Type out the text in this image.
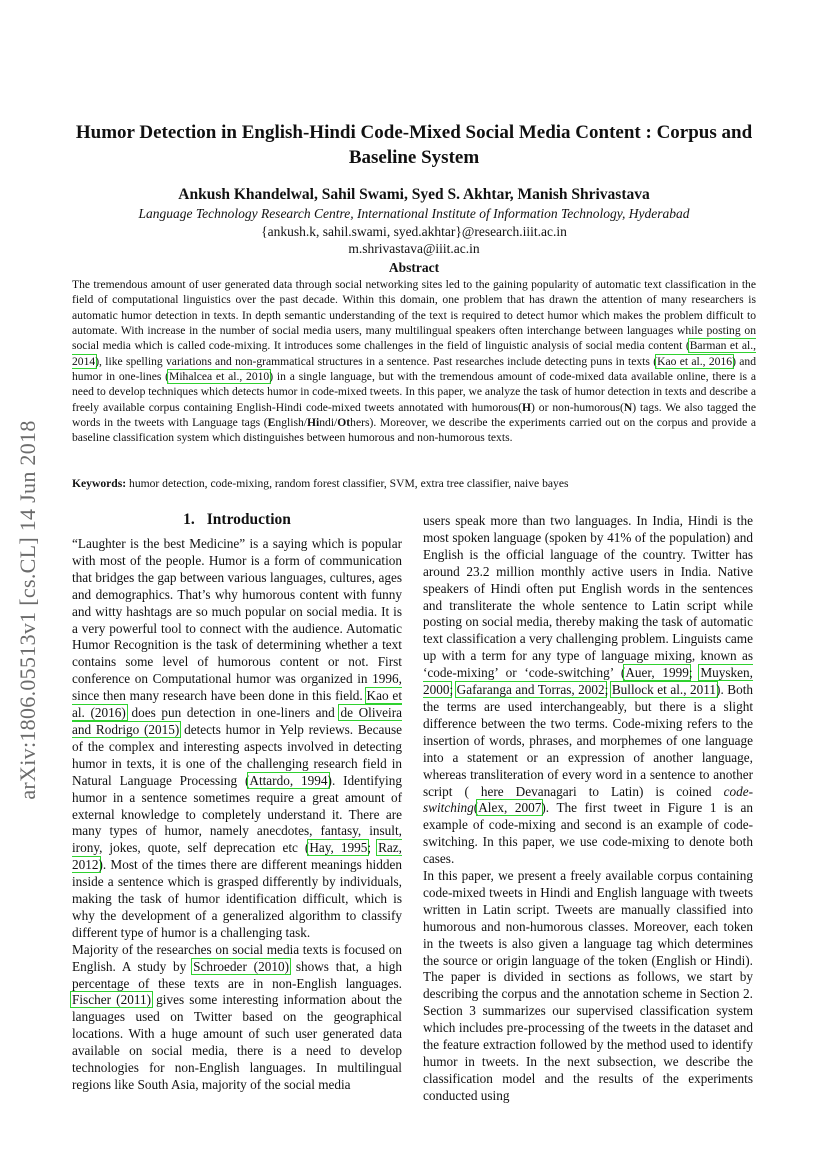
arXiv:1806.05513v1 [cs.CL] 14 Jun 2018
Humor Detection in English-Hindi Code-Mixed Social Media Content : Corpus and Baseline System
Ankush Khandelwal, Sahil Swami, Syed S. Akhtar, Manish Shrivastava
Language Technology Research Centre, International Institute of Information Technology, Hyderabad
{ankush.k, sahil.swami, syed.akhtar}@research.iiit.ac.in
m.shrivastava@iiit.ac.in
Abstract
The tremendous amount of user generated data through social networking sites led to the gaining popularity of automatic text classification in the field of computational linguistics over the past decade. Within this domain, one problem that has drawn the attention of many researchers is automatic humor detection in texts. In depth semantic understanding of the text is required to detect humor which makes the problem difficult to automate. With increase in the number of social media users, many multilingual speakers often interchange between languages while posting on social media which is called code-mixing. It introduces some challenges in the field of linguistic analysis of social media content (Barman et al., 2014), like spelling variations and non-grammatical structures in a sentence. Past researches include detecting puns in texts (Kao et al., 2016) and humor in one-lines (Mihalcea et al., 2010) in a single language, but with the tremendous amount of code-mixed data available online, there is a need to develop techniques which detects humor in code-mixed tweets. In this paper, we analyze the task of humor detection in texts and describe a freely available corpus containing English-Hindi code-mixed tweets annotated with humorous(H) or non-humorous(N) tags. We also tagged the words in the tweets with Language tags (English/Hindi/Others). Moreover, we describe the experiments carried out on the corpus and provide a baseline classification system which distinguishes between humorous and non-humorous texts.
Keywords: humor detection, code-mixing, random forest classifier, SVM, extra tree classifier, naive bayes
1. Introduction

“Laughter is the best Medicine” is a saying which is popular with most of the people. Humor is a form of communication that bridges the gap between various languages, cultures, ages and demographics. That’s why humorous content with funny and witty hashtags are so much popular on social media. It is a very powerful tool to connect with the audience. Automatic Humor Recognition is the task of determining whether a text contains some level of humorous content or not. First conference on Computational humor was organized in 1996, since then many research have been done in this field. Kao et al. (2016) does pun detection in one-liners and de Oliveira and Rodrigo (2015) detects humor in Yelp reviews. Because of the complex and interesting aspects involved in detecting humor in texts, it is one of the challenging research field in Natural Language Processing (Attardo, 1994). Identifying humor in a sentence sometimes require a great amount of external knowledge to completely understand it. There are many types of humor, namely anecdotes, fantasy, insult, irony, jokes, quote, self deprecation etc (Hay, 1995; Raz, 2012). Most of the times there are different meanings hidden inside a sentence which is grasped differently by individuals, making the task of humor identification difficult, which is why the development of a generalized algorithm to classify different type of humor is a challenging task.

Majority of the researches on social media texts is focused on English. A study by Schroeder (2010) shows that, a high percentage of these texts are in non-English languages. Fischer (2011) gives some interesting information about the languages used on Twitter based on the geographical locations. With a huge amount of such user generated data available on social media, there is a need to develop technologies for non-English languages. In multilingual regions like South Asia, majority of the social media

users speak more than two languages. In India, Hindi is the most spoken language (spoken by 41% of the population) and English is the official language of the country. Twitter has around 23.2 million monthly active users in India. Native speakers of Hindi often put English words in the sentences and transliterate the whole sentence to Latin script while posting on social media, thereby making the task of automatic text classification a very challenging problem. Linguists came up with a term for any type of language mixing, known as ‘code-mixing’ or ‘code-switching’ (Auer, 1999; Muysken, 2000; Gafaranga and Torras, 2002; Bullock et al., 2011). Both the terms are used interchangeably, but there is a slight difference between the two terms. Code-mixing refers to the insertion of words, phrases, and morphemes of one language into a statement or an expression of another language, whereas transliteration of every word in a sentence to another script ( here Devanagari to Latin) is coined code-switching(Alex, 2007). The first tweet in Figure 1 is an example of code-mixing and second is an example of code-switching. In this paper, we use code-mixing to denote both cases.

In this paper, we present a freely available corpus containing code-mixed tweets in Hindi and English language with tweets written in Latin script. Tweets are manually classified into humorous and non-humorous classes. Moreover, each token in the tweets is also given a language tag which determines the source or origin language of the token (English or Hindi). The paper is divided in sections as follows, we start by describing the corpus and the annotation scheme in Section 2. Section 3 summarizes our supervised classification system which includes pre-processing of the tweets in the dataset and the feature extraction followed by the method used to identify humor in tweets. In the next subsection, we describe the classification model and the results of the experiments conducted using
